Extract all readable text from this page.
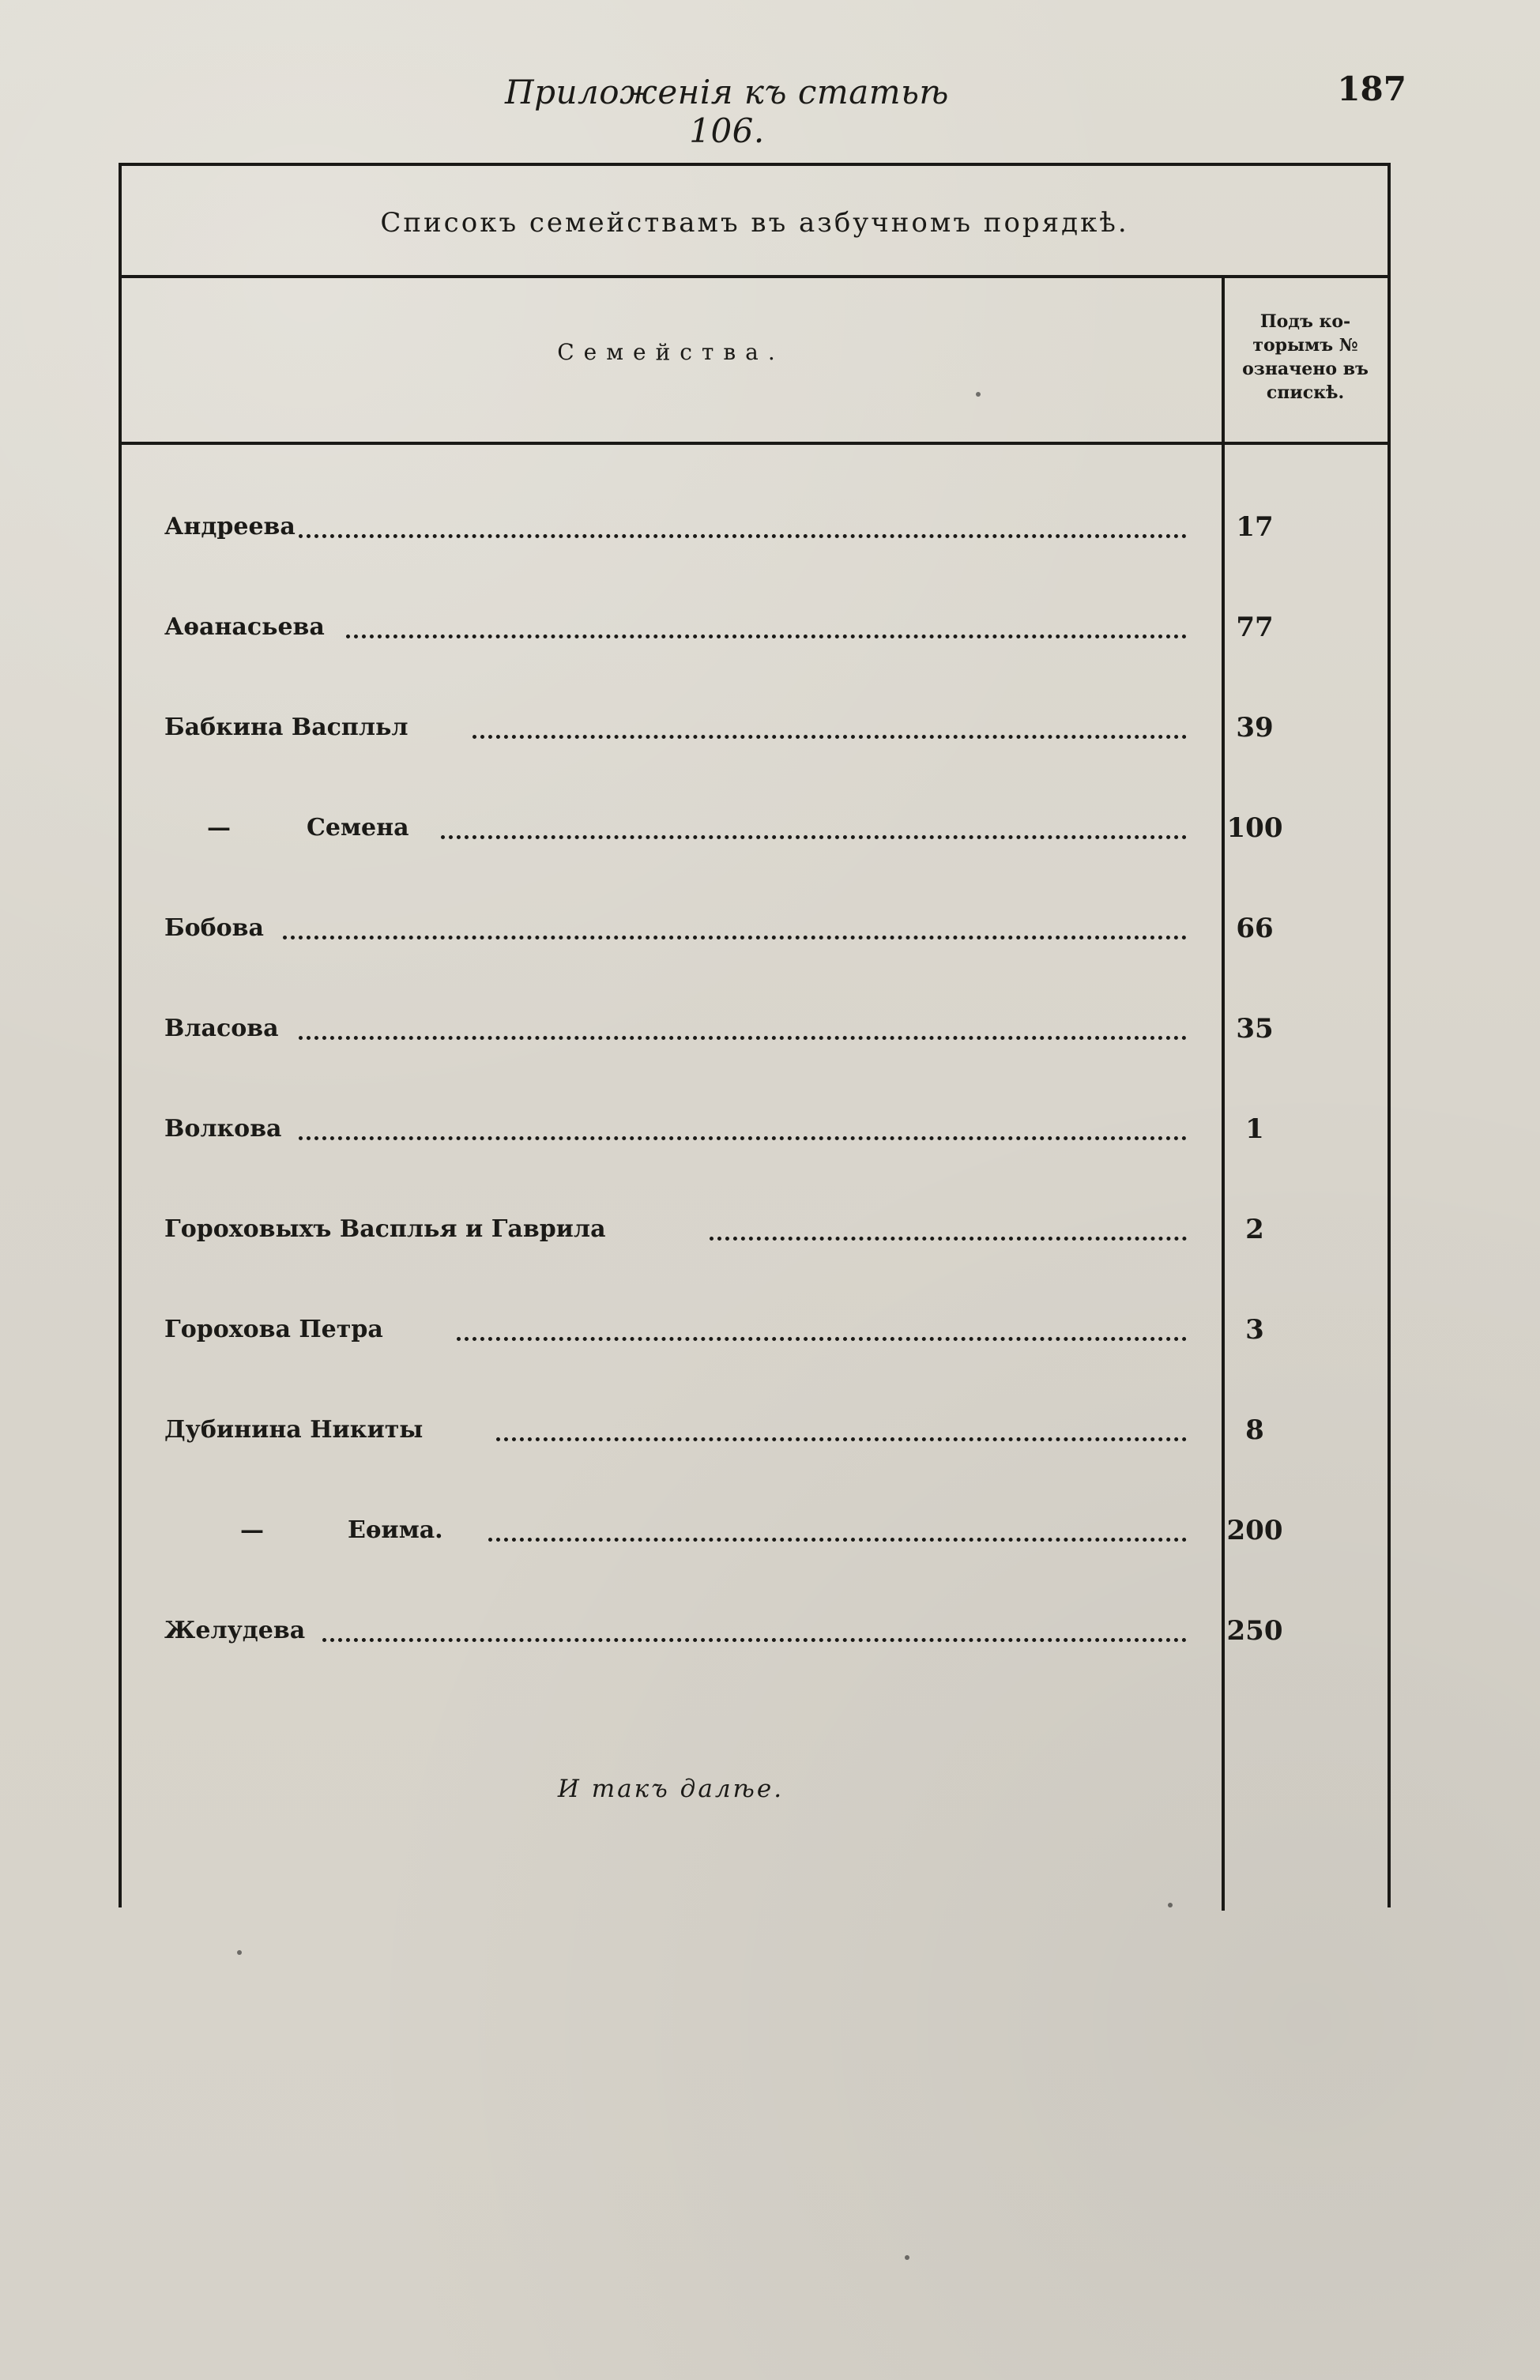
Приложенія къ статьѣ 106.
187
Списокъ семействамъ въ азбучномъ порядкѣ.
Семейства.
Подъ ко-
торымъ №
означено въ
спискѣ.
Андреева	17
Аѳанасьева	77
Бабкина Васпльл	39
—	Семена	100
Бобова	66
Власова	35
Волкова	1
Гороховыхъ Васплья и Гаврила	2
Горохова Петра	3
Дубинина Никиты	8
—	Еѳима.	200
Желудева	250
И такъ далѣе.
